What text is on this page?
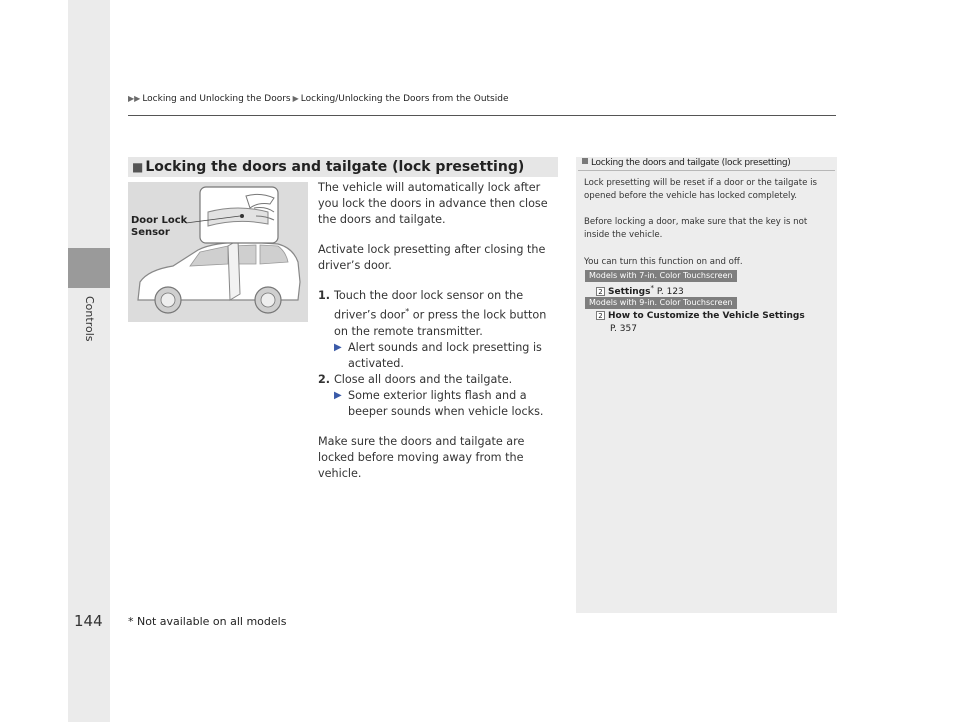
Controls
▶▶ Locking and Unlocking the Doors ▶ Locking/Unlocking the Doors from the Outside
■ Locking the doors and tailgate (lock presetting)
Door Lock
Sensor

The vehicle will automatically lock after you lock the doors in advance then close the doors and tailgate.

Activate lock presetting after closing the driver’s door.

1. Touch the door lock sensor on the driver’s door* or press the lock button on the remote transmitter.
▶ Alert sounds and lock presetting is activated.
2. Close all doors and the tailgate.
▶ Some exterior lights flash and a beeper sounds when vehicle locks.

Make sure the doors and tailgate are locked before moving away from the vehicle.

Locking the doors and tailgate (lock presetting)
Lock presetting will be reset if a door or the tailgate is opened before the vehicle has locked completely.
Before locking a door, make sure that the key is not inside the vehicle.
You can turn this function on and off.
Models with 7-in. Color Touchscreen
2 Settings* P. 123
Models with 9-in. Color Touchscreen
2 How to Customize the Vehicle Settings
P. 357
144 * Not available on all models
